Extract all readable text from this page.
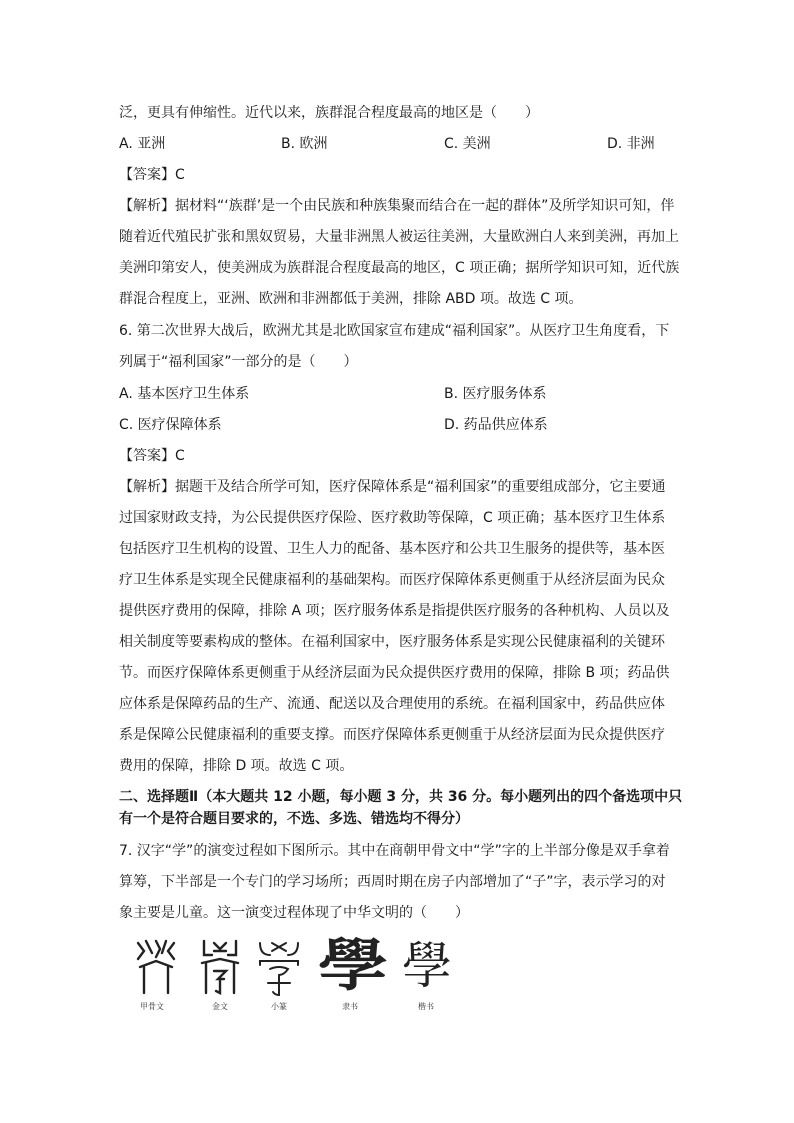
泛，更具有伸缩性。近代以来，族群混合程度最高的地区是（　　）
A. 亚洲	B. 欧洲	C. 美洲	D. 非洲
【答案】C
【解析】据材料“‘族群’是一个由民族和种族集聚而结合在一起的群体”及所学知识可知，伴
随着近代殖民扩张和黑奴贸易，大量非洲黑人被运往美洲，大量欧洲白人来到美洲，再加上
美洲印第安人，使美洲成为族群混合程度最高的地区，C 项正确；据所学知识可知，近代族
群混合程度上，亚洲、欧洲和非洲都低于美洲，排除 ABD 项。故选 C 项。
6. 第二次世界大战后，欧洲尤其是北欧国家宣布建成“福利国家”。从医疗卫生角度看，下
列属于“福利国家”一部分的是（　　）
A. 基本医疗卫生体系	B. 医疗服务体系
C. 医疗保障体系	D. 药品供应体系
【答案】C
【解析】据题干及结合所学可知，医疗保障体系是“福利国家”的重要组成部分，它主要通
过国家财政支持，为公民提供医疗保险、医疗救助等保障，C 项正确；基本医疗卫生体系
包括医疗卫生机构的设置、卫生人力的配备、基本医疗和公共卫生服务的提供等，基本医
疗卫生体系是实现全民健康福利的基础架构。而医疗保障体系更侧重于从经济层面为民众
提供医疗费用的保障，排除 A 项；医疗服务体系是指提供医疗服务的各种机构、人员以及
相关制度等要素构成的整体。在福利国家中，医疗服务体系是实现公民健康福利的关键环
节。而医疗保障体系更侧重于从经济层面为民众提供医疗费用的保障，排除 B 项；药品供
应体系是保障药品的生产、流通、配送以及合理使用的系统。在福利国家中，药品供应体
系是保障公民健康福利的重要支撑。而医疗保障体系更侧重于从经济层面为民众提供医疗
费用的保障，排除 D 项。故选 C 项。
二、选择题Ⅱ（本大题共 12 小题，每小题 3 分，共 36 分。每小题列出的四个备选项中只
有一个是符合题目要求的，不选、多选、错选均不得分）
7. 汉字“学”的演变过程如下图所示。其中在商朝甲骨文中“学”字的上半部分像是双手拿着
算筹，下半部是一个专门的学习场所；西周时期在房子内部增加了“子”字，表示学习的对
象主要是儿童。这一演变过程体现了中华文明的（　　）
學 學
甲骨文	金文	小篆	隶书	楷书
